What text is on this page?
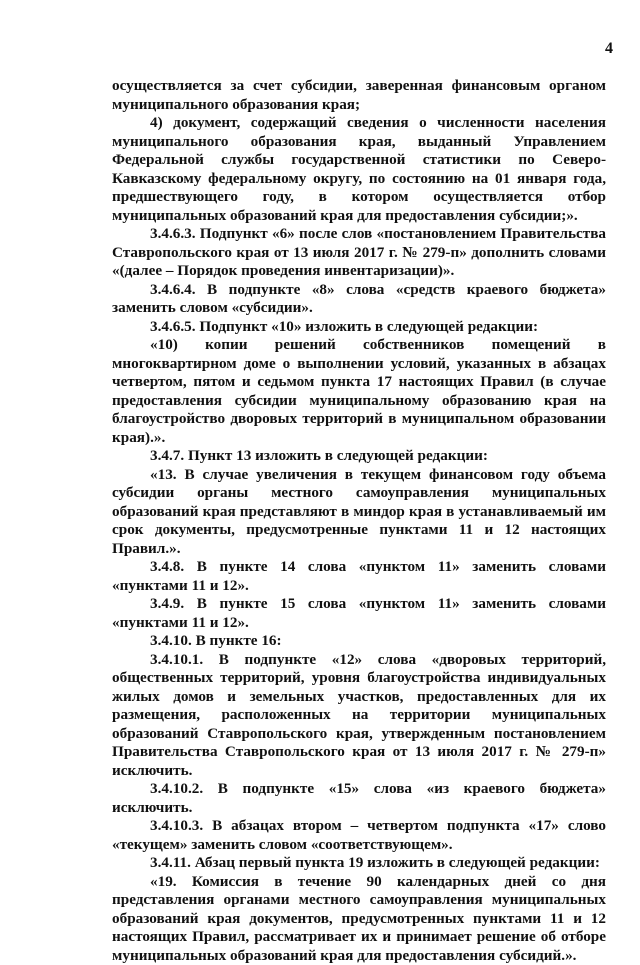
4

осуществляется за счет субсидии, заверенная финансовым органом муниципального образования края;

4) документ, содержащий сведения о численности населения муниципального образования края, выданный Управлением Федеральной службы государственной статистики по Северо-Кавказскому федеральному округу, по состоянию на 01 января года, предшествующего году, в котором осуществляется отбор муниципальных образований края для предоставления субсидии;».

3.4.6.3. Подпункт «6» после слов «постановлением Правительства Ставропольского края от 13 июля 2017 г. № 279-п» дополнить словами «(далее – Порядок проведения инвентаризации)».

3.4.6.4. В подпункте «8» слова «средств краевого бюджета» заменить словом «субсидии».

3.4.6.5. Подпункт «10» изложить в следующей редакции:

«10) копии решений собственников помещений в многоквартирном доме о выполнении условий, указанных в абзацах четвертом, пятом и седьмом пункта 17 настоящих Правил (в случае предоставления субсидии муниципальному образованию края на благоустройство дворовых территорий в муниципальном образовании края).».

3.4.7. Пункт 13 изложить в следующей редакции:

«13. В случае увеличения в текущем финансовом году объема субсидии органы местного самоуправления муниципальных образований края представляют в миндор края в устанавливаемый им срок документы, предусмотренные пунктами 11 и 12 настоящих Правил.».

3.4.8. В пункте 14 слова «пунктом 11» заменить словами «пунктами 11 и 12».

3.4.9. В пункте 15 слова «пунктом 11» заменить словами «пунктами 11 и 12».

3.4.10. В пункте 16:

3.4.10.1. В подпункте «12» слова «дворовых территорий, общественных территорий, уровня благоустройства индивидуальных жилых домов и земельных участков, предоставленных для их размещения, расположенных на территории муниципальных образований Ставропольского края, утвержденным постановлением Правительства Ставропольского края от 13 июля 2017 г. № 279-п» исключить.

3.4.10.2. В подпункте «15» слова «из краевого бюджета» исключить.

3.4.10.3. В абзацах втором – четвертом подпункта «17» слово «текущем» заменить словом «соответствующем».

3.4.11. Абзац первый пункта 19 изложить в следующей редакции:

«19. Комиссия в течение 90 календарных дней со дня представления органами местного самоуправления муниципальных образований края документов, предусмотренных пунктами 11 и 12 настоящих Правил, рассматривает их и принимает решение об отборе муниципальных образований края для предоставления субсидий.».
